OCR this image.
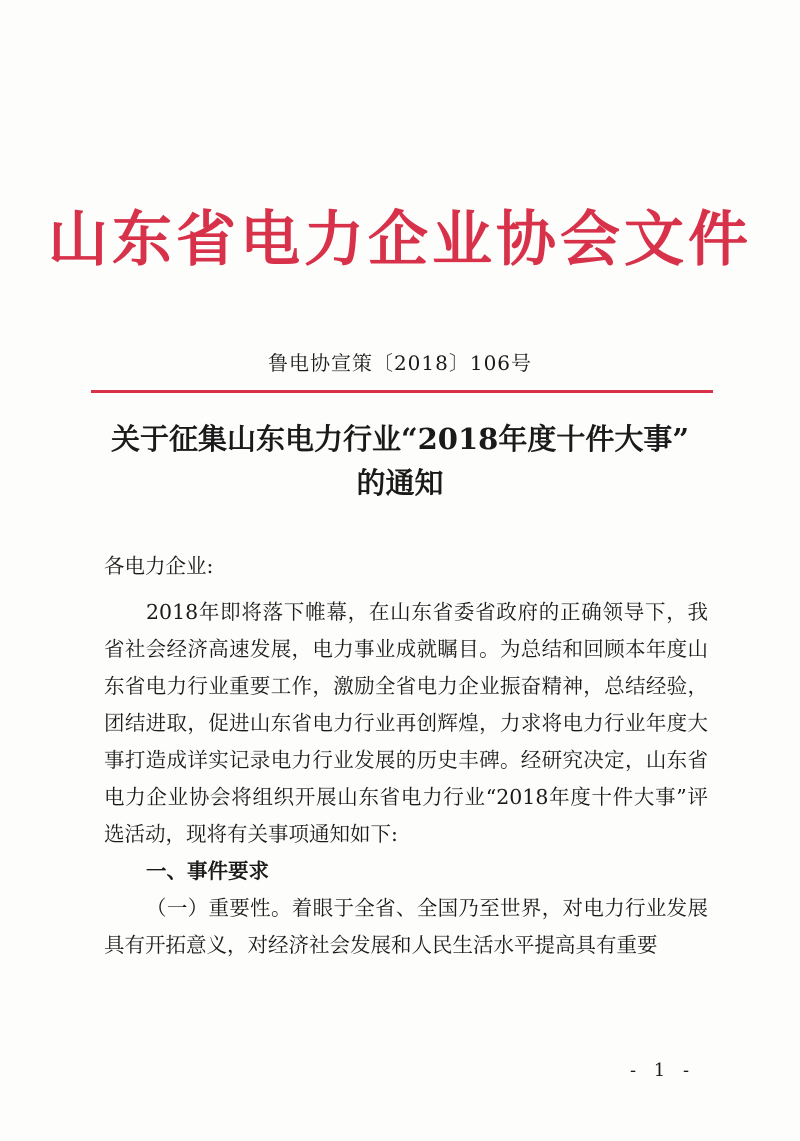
山东省电力企业协会文件
鲁电协宣策〔2018〕106号
关于征集山东电力行业“2018年度十件大事”
的通知

各电力企业:

2018年即将落下帷幕，在山东省委省政府的正确领导下，我省社会经济高速发展，电力事业成就瞩目。为总结和回顾本年度山东省电力行业重要工作，激励全省电力企业振奋精神，总结经验，团结进取，促进山东省电力行业再创辉煌，力求将电力行业年度大事打造成详实记录电力行业发展的历史丰碑。经研究决定，山东省电力企业协会将组织开展山东省电力行业“2018年度十件大事”评选活动，现将有关事项通知如下:

一、事件要求

（一）重要性。着眼于全省、全国乃至世界，对电力行业发展具有开拓意义，对经济社会发展和人民生活水平提高具有重要

- 1 -
